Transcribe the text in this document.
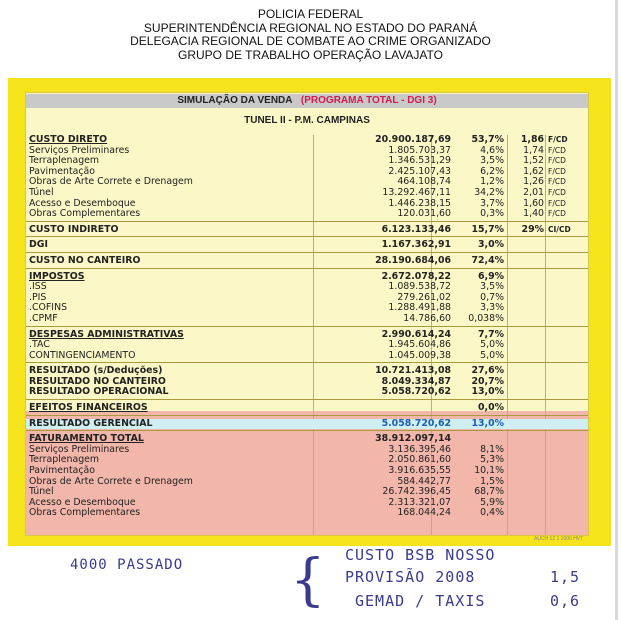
POLICIA FEDERAL
SUPERINTENDÊNCIA REGIONAL NO ESTADO DO PARANÁ
DELEGACIA REGIONAL DE COMBATE AO CRIME ORGANIZADO
GRUPO DE TRABALHO OPERAÇÃO LAVAJATO
SIMULAÇÃO DA VENDA (PROGRAMA TOTAL - DGI 3)
TUNEL II - P.M. CAMPINAS
CUSTO DIRETO	20.900.187,69 53,7% 1,86 F/CD
Serviços Preliminares	1.805.703,37	4,6% 1,74 F/CD
Terraplenagem	1.346.531,29	3,5% 1,52 F/CD
Pavimentação	2.425.107,43	6,2% 1,62 F/CD
Obras de Arte Correte e Drenagem	464.108,74	1,2% 1,26 F/CD
Túnel	13.292.467,11 34,2% 2,01 F/CD
Acesso e Desemboque	1.446.238,15	3,7% 1,60 F/CD
Obras Complementares	120.031,60	0,3% 1,40 F/CD
CUSTO INDIRETO	6.123.133,46 15,7% 29% CI/CD
DGI	1.167.362,91	3,0%
CUSTO NO CANTEIRO	28.190.684,06 72,4%
IMPOSTOS	2.672.078,22	6,9%
.ISS	1.089.538,72	3,5%
.PIS	279.261,02	0,7%
.COFINS	1.288.491,88	3,3%
.CPMF	14.786,60 0,038%
DESPESAS ADMINISTRATIVAS	2.990.614,24	7,7%
.TAC	1.945.604,86	5,0%
CONTINGENCIAMENTO	1.045.009,38	5,0%
RESULTADO (s/Deduções)	10.721.413,08 27,6%
RESULTADO NO CANTEIRO	8.049.334,87 20,7%
RESULTADO OPERACIONAL	5.058.720,62 13,0%
EFEITOS FINANCEIROS	0,0%
RESULTADO GERENCIAL	5.058.720,62 13,0%
FATURAMENTO TOTAL	38.912.097,14
Serviços Preliminares	3.136.395,46	8,1%
Terraplenagem	2.050.861,60	5,3%
Pavimentação	3.916.635,55 10,1%
Obras de Arte Correte e Drenagem	584.442,77	1,5%
Túnel	26.742.396,45 68,7%
Acesso e Desemboque	2.313.321,07	5,9%
Obras Complementares	168.044,24	0,4%
AUCH 12 1 1000 HVT
4000 PASSADO { CUSTO BSB NOSSO
PROVISÃO 2008	1,5
GEMAD / TAXIS	0,6
